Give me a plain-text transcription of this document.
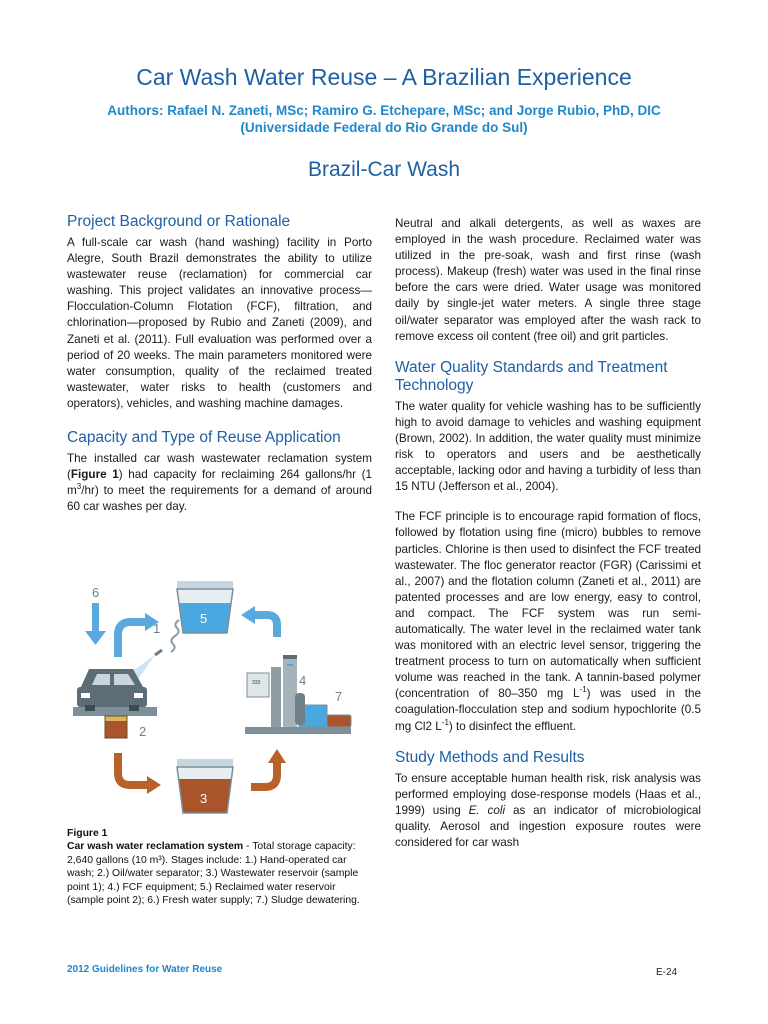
Car Wash Water Reuse – A Brazilian Experience
Authors: Rafael N. Zaneti, MSc; Ramiro G. Etchepare, MSc; and Jorge Rubio, PhD, DIC
(Universidade Federal do Rio Grande do Sul)
Brazil-Car Wash
Project Background or Rationale

A full-scale car wash (hand washing) facility in Porto Alegre, South Brazil demonstrates the ability to utilize wastewater reuse (reclamation) for commercial car washing. This project validates an innovative process—Flocculation-Column Flotation (FCF), filtration, and chlorination—proposed by Rubio and Zaneti (2009), and Zaneti et al. (2011). Full evaluation was performed over a period of 20 weeks. The main parameters monitored were water consumption, quality of the reclaimed treated wastewater, water risks to health (customers and operators), vehicles, and washing machine damages.

Capacity and Type of Reuse Application

The installed car wash wastewater reclamation system (Figure 1) had capacity for reclaiming 264 gallons/hr (1 $m^3/hr$) to meet the requirements for a demand of around 60 car washes per day.

333
6
1
5
2
3
4
7
Figure 1
Car wash water reclamation system - Total storage capacity: 2,640 gallons (10 m³). Stages include: 1.) Hand-operated car wash; 2.) Oil/water separator; 3.) Wastewater reservoir (sample point 1); 4.) FCF equipment; 5.) Reclaimed water reservoir (sample point 2); 6.) Fresh water supply; 7.) Sludge dewatering.

Neutral and alkali detergents, as well as waxes are employed in the wash procedure. Reclaimed water was utilized in the pre-soak, wash and first rinse (wash process). Makeup (fresh) water was used in the final rinse before the cars were dried. Water usage was monitored daily by single-jet water meters. A single three stage oil/water separator was employed after the wash rack to remove excess oil content (free oil) and grit particles.

Water Quality Standards and Treatment Technology

The water quality for vehicle washing has to be sufficiently high to avoid damage to vehicles and washing equipment (Brown, 2002). In addition, the water quality must minimize risk to operators and users and be aesthetically acceptable, lacking odor and having a turbidity of less than 15 NTU (Jefferson et al., 2004).

The FCF principle is to encourage rapid formation of flocs, followed by flotation using fine (micro) bubbles to remove particles. Chlorine is then used to disinfect the FCF treated wastewater. The floc generator reactor (FGR) (Carissimi et al., 2007) and the flotation column (Zaneti et al., 2011) are patented processes and are low energy, easy to control, and compact. The FCF system was run semi-automatically. The water level in the reclaimed water tank was monitored with an electric level sensor, triggering the treatment process to turn on automatically when sufficient volume was reached in the tank. A tannin-based polymer (concentration of 80–350 mg $L^{-1}$) was used in the coagulation-flocculation step and sodium hypochlorite (0.5 mg Cl2 $L^{-1}$) to disinfect the effluent.

Study Methods and Results

To ensure acceptable human health risk, risk analysis was performed employing dose-response models (Haas et al., 1999) using E. coli as an indicator of microbiological quality. Aerosol and ingestion exposure routes were considered for car wash

2012 Guidelines for Water Reuse	E-24
